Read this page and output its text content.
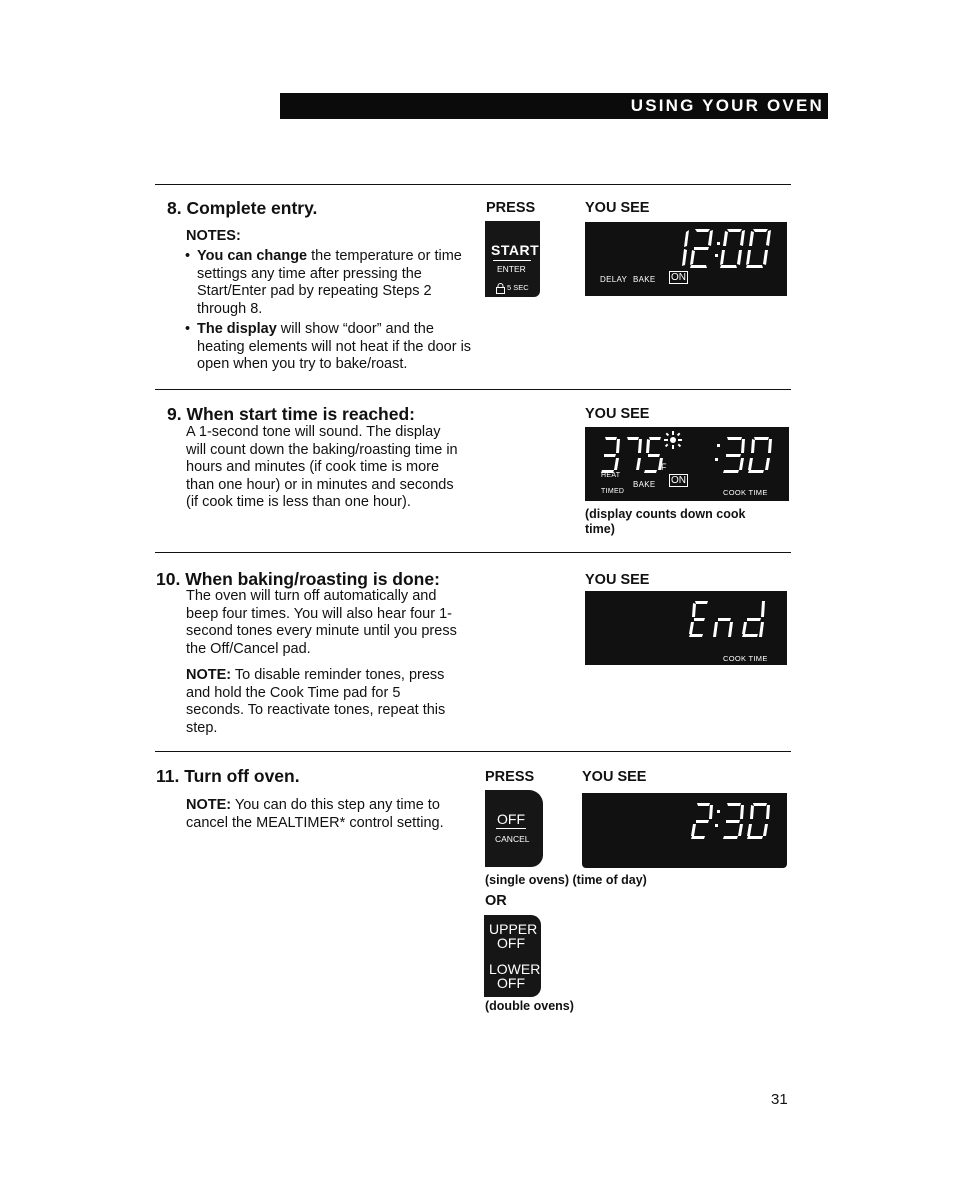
USING YOUR OVEN
8. Complete entry.	PRESS	YOU SEE
NOTES:
• You can change the temperature or time settings any time after pressing the Start/Enter pad by repeating Steps 2 through 8.
• The display will show “door” and the heating elements will not heat if the door is open when you try to bake/roast.
START
ENTER
5 SEC
DELAY BAKE ON
9. When start time is reached:	YOU SEE
A 1-second tone will sound. The display will count down the baking/roasting time in hours and minutes (if cook time is more than one hour) or in minutes and seconds (if cook time is less than one hour).
F
HEAT
TIMED
BAKE ON
COOK TIME
(display counts down cook time)
10. When baking/roasting is done:	YOU SEE
The oven will turn off automatically and beep four times. You will also hear four 1-second tones every minute until you press the Off/Cancel pad.
NOTE: To disable reminder tones, press and hold the Cook Time pad for 5 seconds. To reactivate tones, repeat this step.
COOK TIME
11. Turn off oven.	PRESS	YOU SEE
NOTE: You can do this step any time to cancel the MEALTIMER* control setting.	OFF
CANCEL
(single ovens) (time of day)
OR
UPPER
OFF
LOWER
OFF
(double ovens)
31
